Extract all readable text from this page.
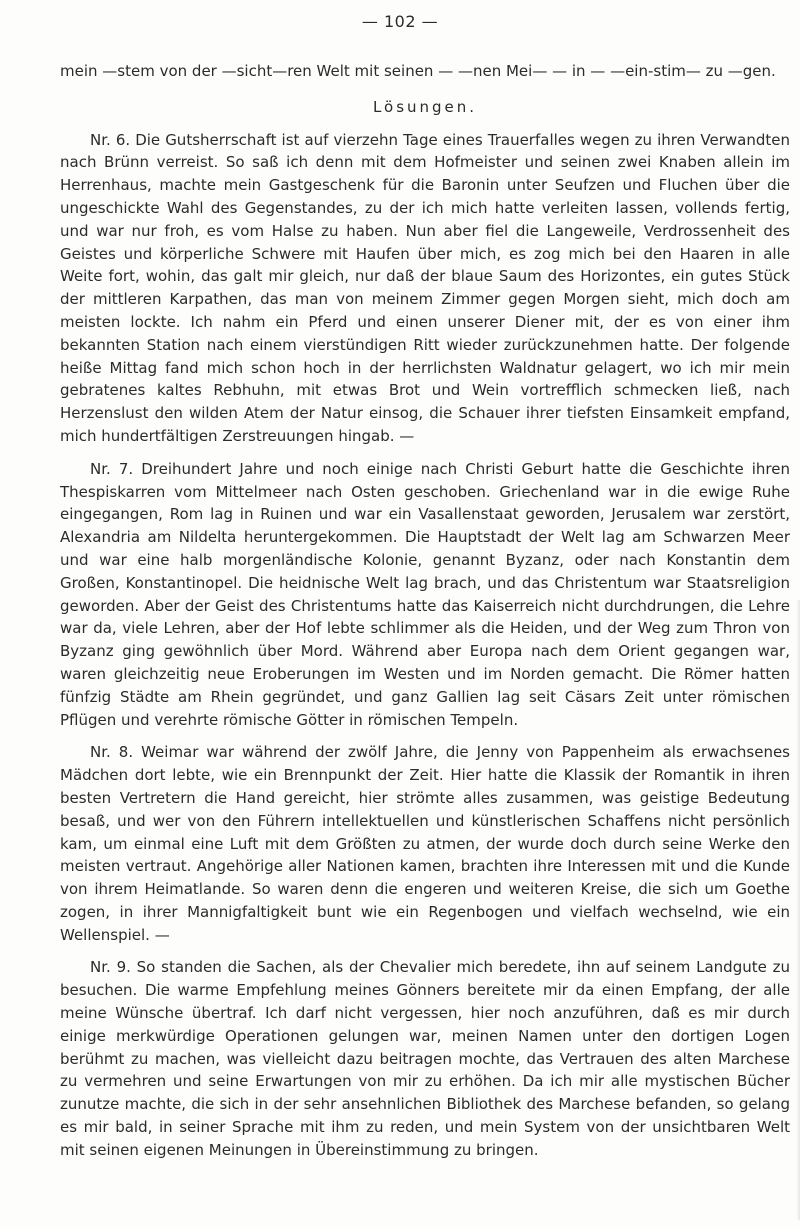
— 102 —

mein —stem von der —sicht—ren Welt mit seinen — —nen Mei— — in — —ein-stim— zu —gen.

Lösungen.

Nr. 6. Die Gutsherrschaft ist auf vierzehn Tage eines Trauerfalles wegen zu ihren Verwandten nach Brünn verreist. So saß ich denn mit dem Hofmeister und seinen zwei Knaben allein im Herrenhaus, machte mein Gastgeschenk für die Baronin unter Seufzen und Fluchen über die ungeschickte Wahl des Gegenstandes, zu der ich mich hatte verleiten lassen, vollends fertig, und war nur froh, es vom Halse zu haben. Nun aber fiel die Langeweile, Verdrossenheit des Geistes und körperliche Schwere mit Haufen über mich, es zog mich bei den Haaren in alle Weite fort, wohin, das galt mir gleich, nur daß der blaue Saum des Horizontes, ein gutes Stück der mittleren Karpathen, das man von meinem Zimmer gegen Morgen sieht, mich doch am meisten lockte. Ich nahm ein Pferd und einen unserer Diener mit, der es von einer ihm bekannten Station nach einem vierstündigen Ritt wieder zurückzunehmen hatte. Der folgende heiße Mittag fand mich schon hoch in der herrlichsten Waldnatur gelagert, wo ich mir mein gebratenes kaltes Rebhuhn, mit etwas Brot und Wein vortrefflich schmecken ließ, nach Herzenslust den wilden Atem der Natur einsog, die Schauer ihrer tiefsten Einsamkeit empfand, mich hundertfältigen Zerstreuungen hingab. —

Nr. 7. Dreihundert Jahre und noch einige nach Christi Geburt hatte die Geschichte ihren Thespiskarren vom Mittelmeer nach Osten geschoben. Griechenland war in die ewige Ruhe eingegangen, Rom lag in Ruinen und war ein Vasallenstaat geworden, Jerusalem war zerstört, Alexandria am Nildelta heruntergekommen. Die Hauptstadt der Welt lag am Schwarzen Meer und war eine halb morgenländische Kolonie, genannt Byzanz, oder nach Konstantin dem Großen, Konstantinopel. Die heidnische Welt lag brach, und das Christentum war Staatsreligion geworden. Aber der Geist des Christentums hatte das Kaiserreich nicht durchdrungen, die Lehre war da, viele Lehren, aber der Hof lebte schlimmer als die Heiden, und der Weg zum Thron von Byzanz ging gewöhnlich über Mord. Während aber Europa nach dem Orient gegangen war, waren gleichzeitig neue Eroberungen im Westen und im Norden gemacht. Die Römer hatten fünfzig Städte am Rhein gegründet, und ganz Gallien lag seit Cäsars Zeit unter römischen Pflügen und verehrte römische Götter in römischen Tempeln.

Nr. 8. Weimar war während der zwölf Jahre, die Jenny von Pappenheim als erwachsenes Mädchen dort lebte, wie ein Brennpunkt der Zeit. Hier hatte die Klassik der Romantik in ihren besten Vertretern die Hand gereicht, hier strömte alles zusammen, was geistige Bedeutung besaß, und wer von den Führern intellektuellen und künstlerischen Schaffens nicht persönlich kam, um einmal eine Luft mit dem Größten zu atmen, der wurde doch durch seine Werke den meisten vertraut. Angehörige aller Nationen kamen, brachten ihre Interessen mit und die Kunde von ihrem Heimatlande. So waren denn die engeren und weiteren Kreise, die sich um Goethe zogen, in ihrer Mannigfaltigkeit bunt wie ein Regenbogen und vielfach wechselnd, wie ein Wellenspiel. —

Nr. 9. So standen die Sachen, als der Chevalier mich beredete, ihn auf seinem Landgute zu besuchen. Die warme Empfehlung meines Gönners bereitete mir da einen Empfang, der alle meine Wünsche übertraf. Ich darf nicht vergessen, hier noch anzuführen, daß es mir durch einige merkwürdige Operationen gelungen war, meinen Namen unter den dortigen Logen berühmt zu machen, was vielleicht dazu beitragen mochte, das Vertrauen des alten Marchese zu vermehren und seine Erwartungen von mir zu erhöhen. Da ich mir alle mystischen Bücher zunutze machte, die sich in der sehr ansehnlichen Bibliothek des Marchese befanden, so gelang es mir bald, in seiner Sprache mit ihm zu reden, und mein System von der unsichtbaren Welt mit seinen eigenen Meinungen in Übereinstimmung zu bringen.
